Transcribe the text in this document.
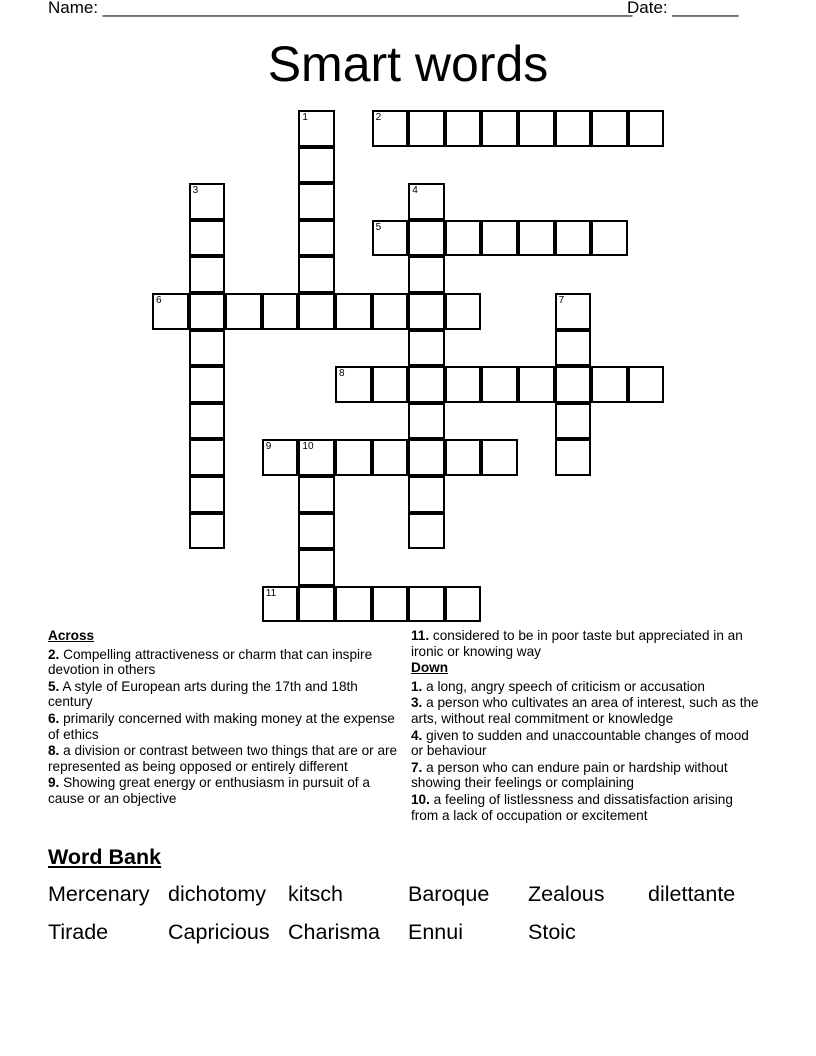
Name: ________________________________________________________
Date: _______
Smart words
1	2
3	4
5
6	7
8
9	10
11
Across
2. Compelling attractiveness or charm that can inspire devotion in others
5. A style of European arts during the 17th and 18th century
6. primarily concerned with making money at the expense of ethics
8. a division or contrast between two things that are or are represented as being opposed or entirely different
9. Showing great energy or enthusiasm in pursuit of a cause or an objective
11. considered to be in poor taste but appreciated in an ironic or knowing way
Down
1. a long, angry speech of criticism or accusation
3. a person who cultivates an area of interest, such as the arts, without real commitment or knowledge
4. given to sudden and unaccountable changes of mood or behaviour
7. a person who can endure pain or hardship without showing their feelings or complaining
10. a feeling of listlessness and dissatisfaction arising from a lack of occupation or excitement
Word Bank
Mercenary dichotomy kitsch	Baroque Zealous dilettante
Tirade	Capricious Charisma Ennui	Stoic
